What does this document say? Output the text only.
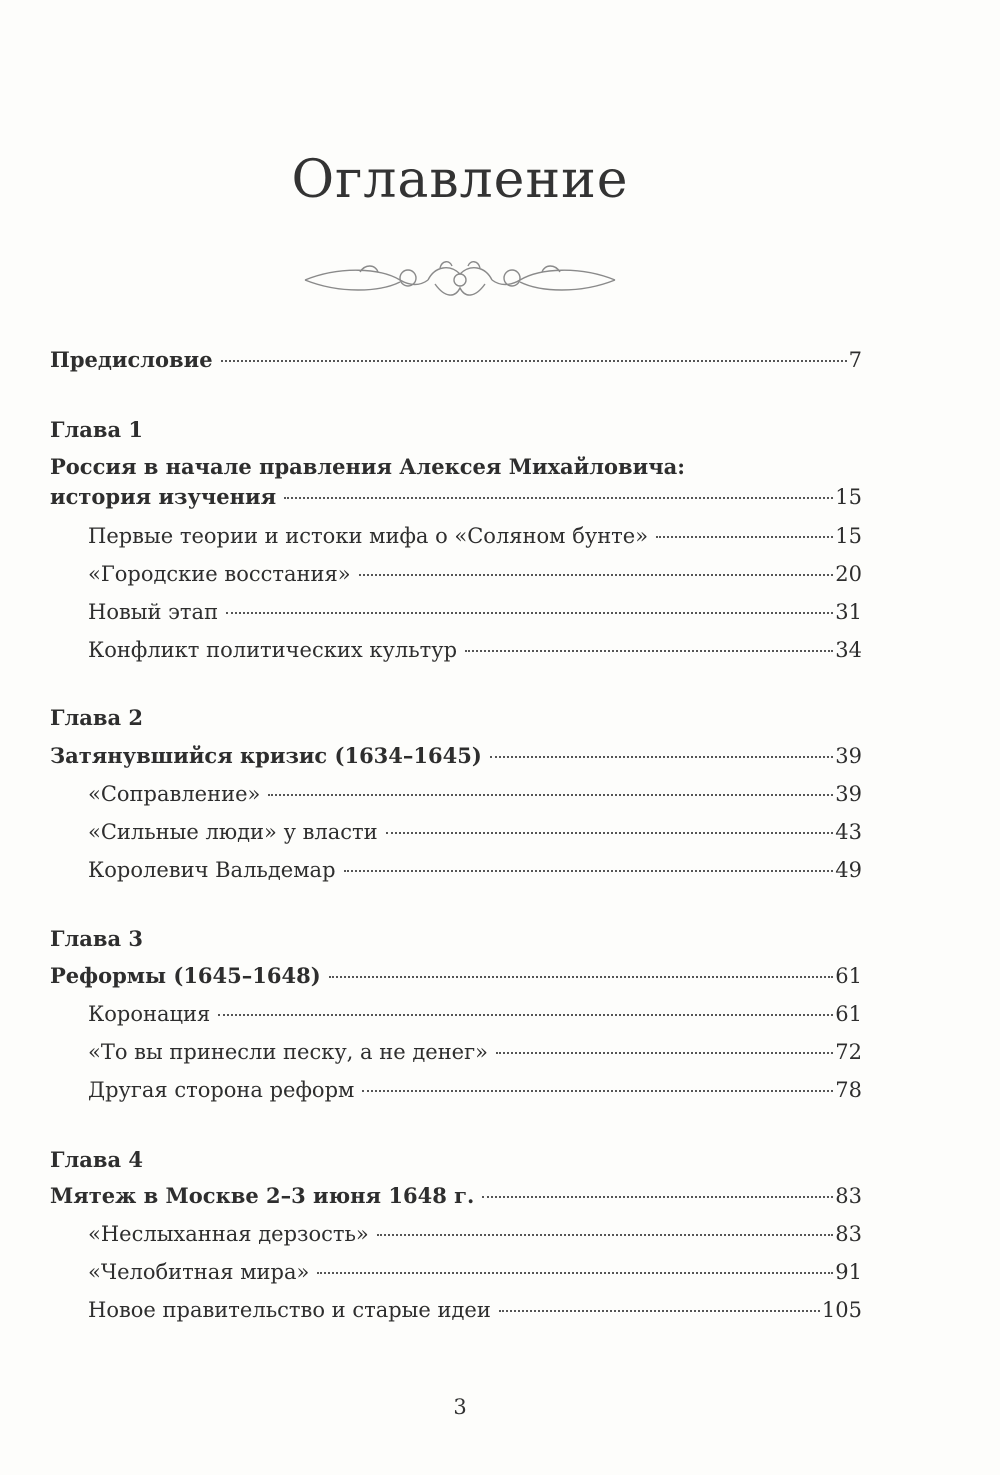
Оглавление
Предисловие	7
Глава 1
Россия в начале правления Алексея Михайловича:
история изучения	15
Первые теории и истоки мифа о «Соляном бунте»	15
«Городские восстания»	20
Новый этап	31
Конфликт политических культур	34
Глава 2
Затянувшийся кризис (1634–1645)	39
«Соправление»	39
«Сильные люди» у власти	43
Королевич Вальдемар	49
Глава 3
Реформы (1645–1648)	61
Коронация	61
«То вы принесли песку, а не денег»	72
Другая сторона реформ	78
Глава 4
Мятеж в Москве 2–3 июня 1648 г.	83
«Неслыханная дерзость»	83
«Челобитная мира»	91
Новое правительство и старые идеи	105
3
